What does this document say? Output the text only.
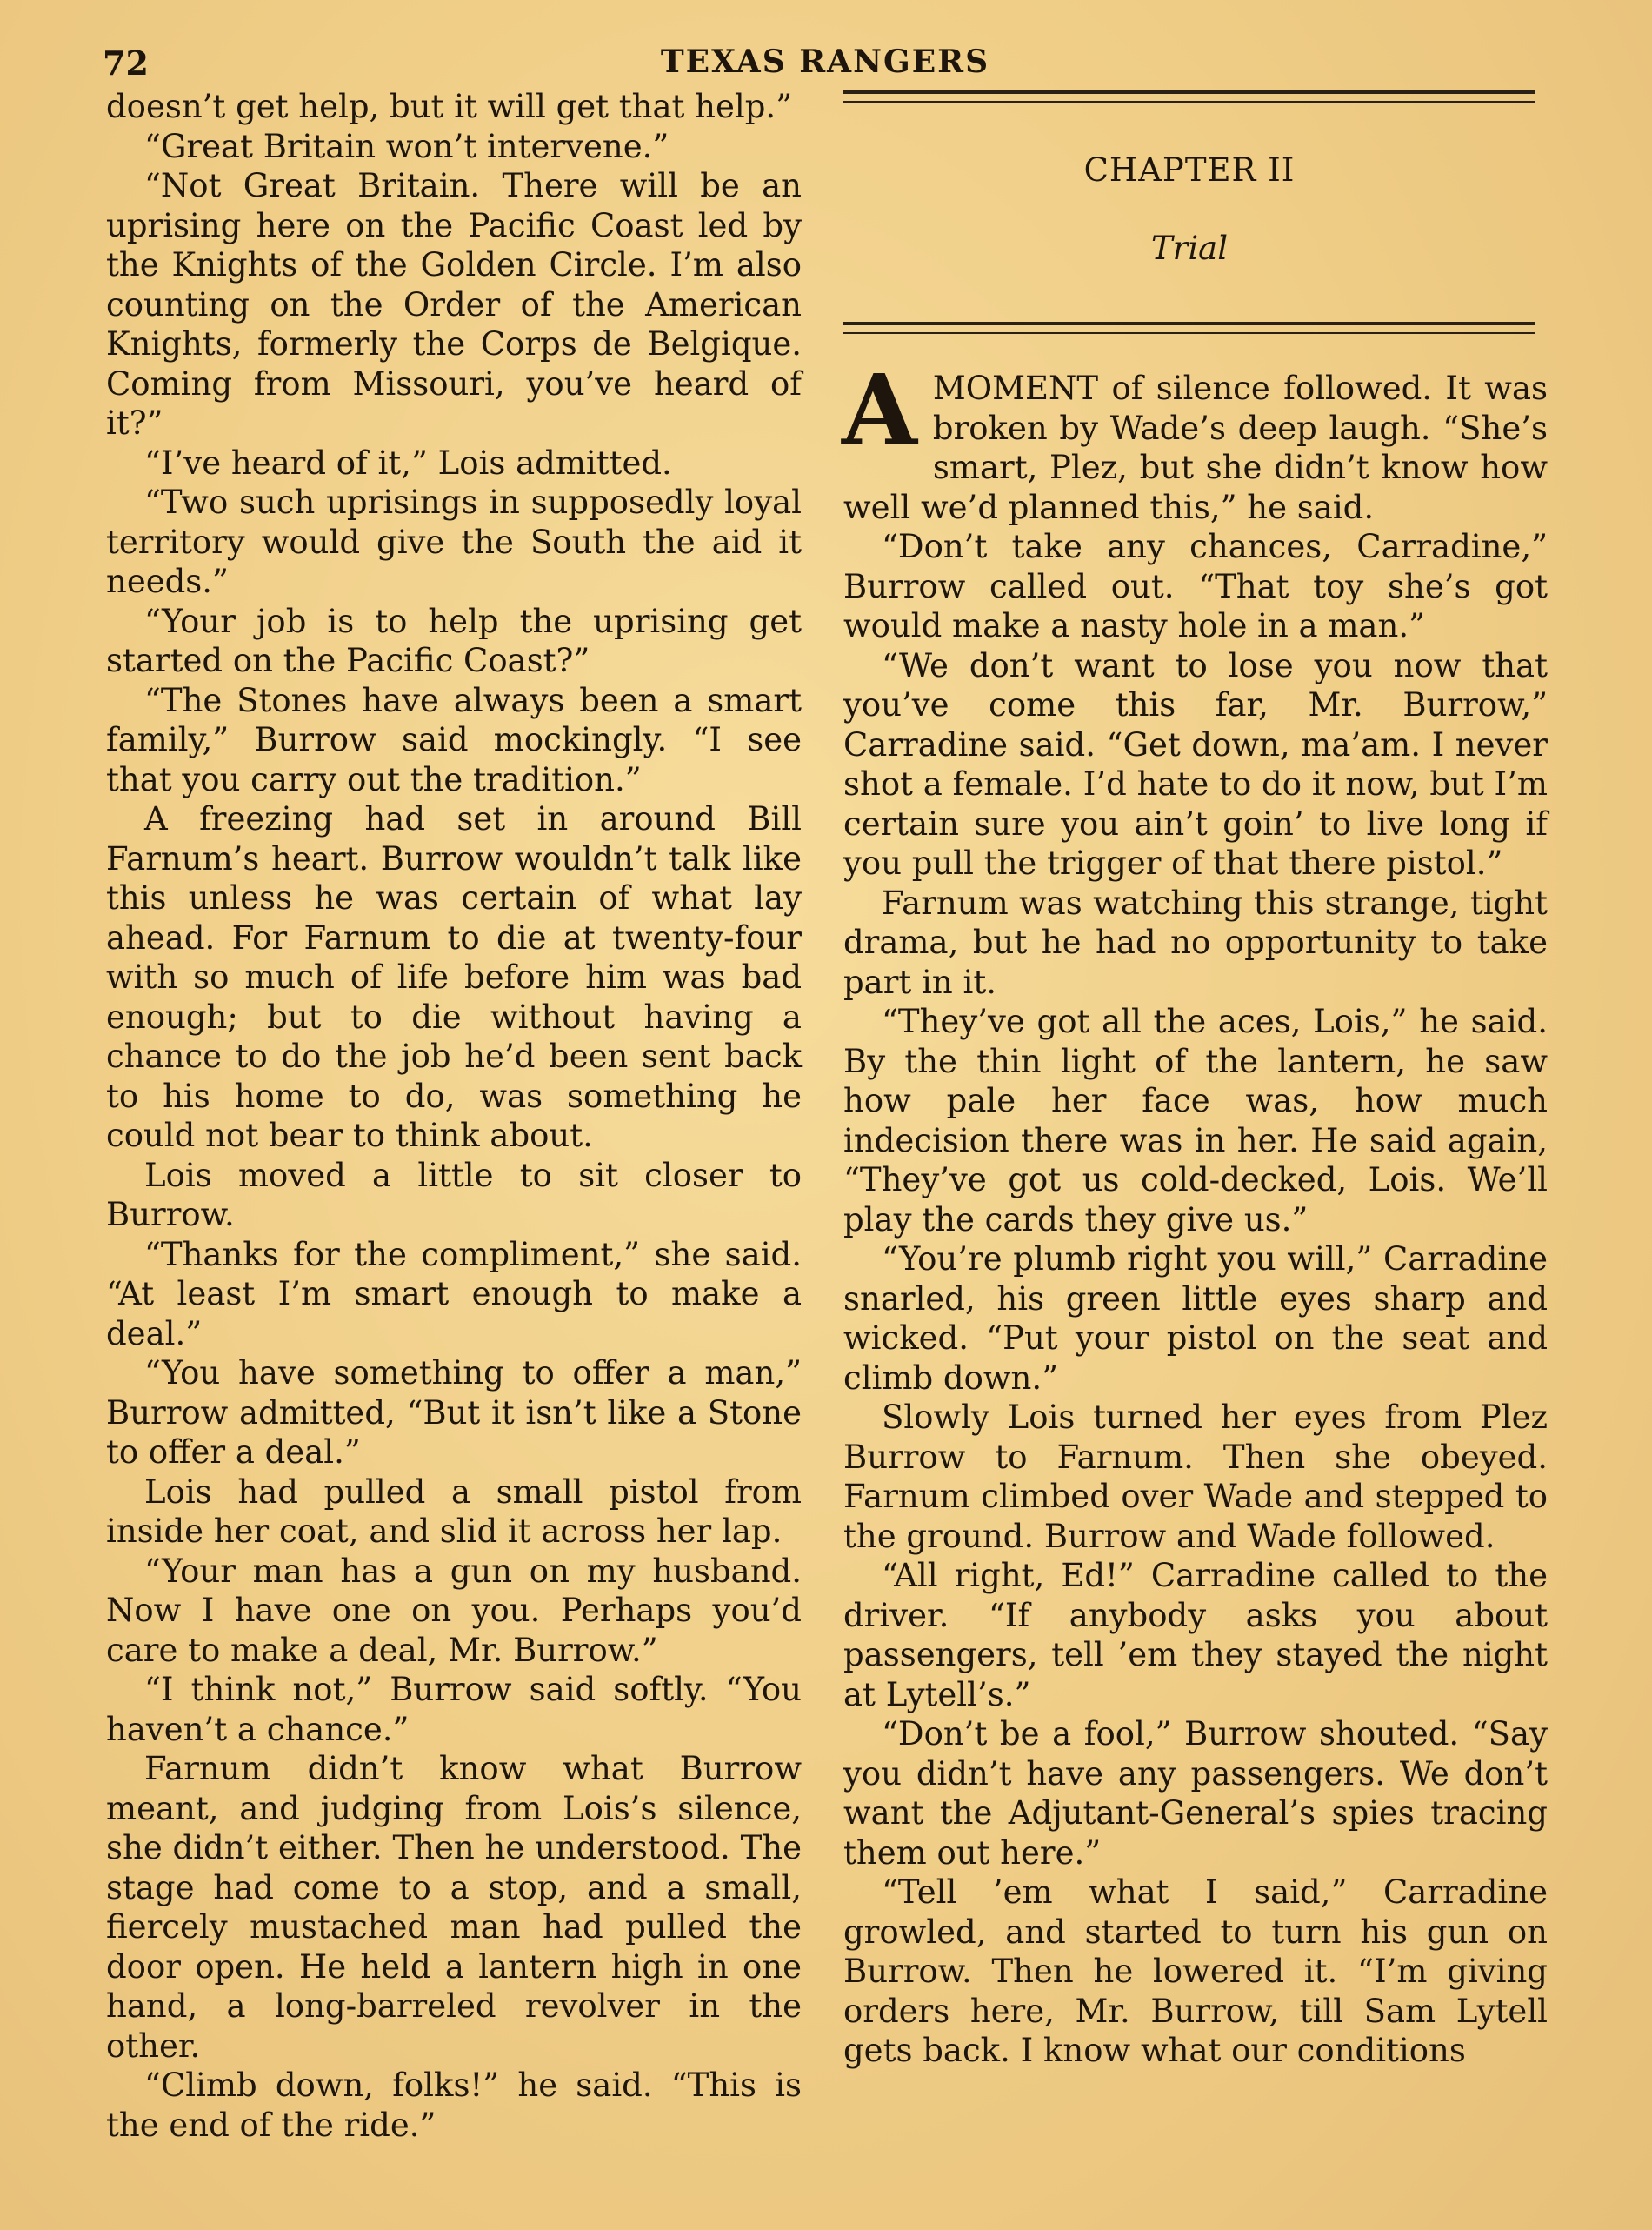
72	TEXAS RANGERS

doesn’t get help, but it will get that help.”

“Great Britain won’t intervene.”

“Not Great Britain. There will be an uprising here on the Pacific Coast led by the Knights of the Golden Circle. I’m also counting on the Order of the American Knights, formerly the Corps de Belgique. Coming from Missouri, you’ve heard of it?”

“I’ve heard of it,” Lois admitted.

“Two such uprisings in supposedly loyal territory would give the South the aid it needs.”

“Your job is to help the uprising get started on the Pacific Coast?”

“The Stones have always been a smart family,” Burrow said mockingly. “I see that you carry out the tradition.”

A freezing had set in around Bill Farnum’s heart. Burrow wouldn’t talk like this unless he was certain of what lay ahead. For Farnum to die at twenty-four with so much of life before him was bad enough; but to die without having a chance to do the job he’d been sent back to his home to do, was something he could not bear to think about.

Lois moved a little to sit closer to Burrow.

“Thanks for the compliment,” she said. “At least I’m smart enough to make a deal.”

“You have something to offer a man,” Burrow admitted, “But it isn’t like a Stone to offer a deal.”

Lois had pulled a small pistol from inside her coat, and slid it across her lap.

“Your man has a gun on my husband. Now I have one on you. Perhaps you’d care to make a deal, Mr. Burrow.”

“I think not,” Burrow said softly. “You haven’t a chance.”

Farnum didn’t know what Burrow meant, and judging from Lois’s silence, she didn’t either. Then he understood. The stage had come to a stop, and a small, fiercely mustached man had pulled the door open. He held a lantern high in one hand, a long-barreled revolver in the other.

“Climb down, folks!” he said. “This is the end of the ride.”

CHAPTER II
Trial

AMOMENT of silence followed. It was broken by Wade’s deep laugh. “She’s smart, Plez, but she didn’t know how well we’d planned this,” he said.

“Don’t take any chances, Carradine,” Burrow called out. “That toy she’s got would make a nasty hole in a man.”

“We don’t want to lose you now that you’ve come this far, Mr. Burrow,” Carradine said. “Get down, ma’am. I never shot a female. I’d hate to do it now, but I’m certain sure you ain’t goin’ to live long if you pull the trigger of that there pistol.”

Farnum was watching this strange, tight drama, but he had no opportunity to take part in it.

“They’ve got all the aces, Lois,” he said. By the thin light of the lantern, he saw how pale her face was, how much indecision there was in her. He said again, “They’ve got us cold-decked, Lois. We’ll play the cards they give us.”

“You’re plumb right you will,” Carradine snarled, his green little eyes sharp and wicked. “Put your pistol on the seat and climb down.”

Slowly Lois turned her eyes from Plez Burrow to Farnum. Then she obeyed. Farnum climbed over Wade and stepped to the ground. Burrow and Wade followed.

“All right, Ed!” Carradine called to the driver. “If anybody asks you about passengers, tell ’em they stayed the night at Lytell’s.”

“Don’t be a fool,” Burrow shouted. “Say you didn’t have any passengers. We don’t want the Adjutant-General’s spies tracing them out here.”

“Tell ’em what I said,” Carradine growled, and started to turn his gun on Burrow. Then he lowered it. “I’m giving orders here, Mr. Burrow, till Sam Lytell gets back. I know what our conditions
